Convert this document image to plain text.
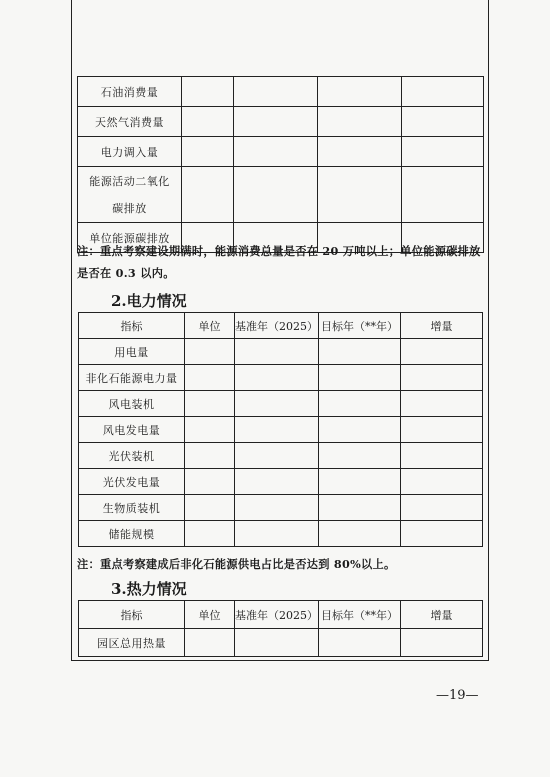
石油消费量				
天然气消费量				
电力调入量				
能源活动二氧化碳排放				
单位能源碳排放				
注：重点考察建设期满时，能源消费总量是否在 20 万吨以上；单位能源碳排放是否在 0.3 以内。
2.电力情况
指标	单位	基准年（2025）	目标年（**年）	增量
用电量				
非化石能源电力量				
风电装机				
风电发电量				
光伏装机				
光伏发电量				
生物质装机				
储能规模				
注：重点考察建成后非化石能源供电占比是否达到 80%以上。
3.热力情况
指标	单位	基准年（2025）	目标年（**年）	增量
园区总用热量				
—19—
